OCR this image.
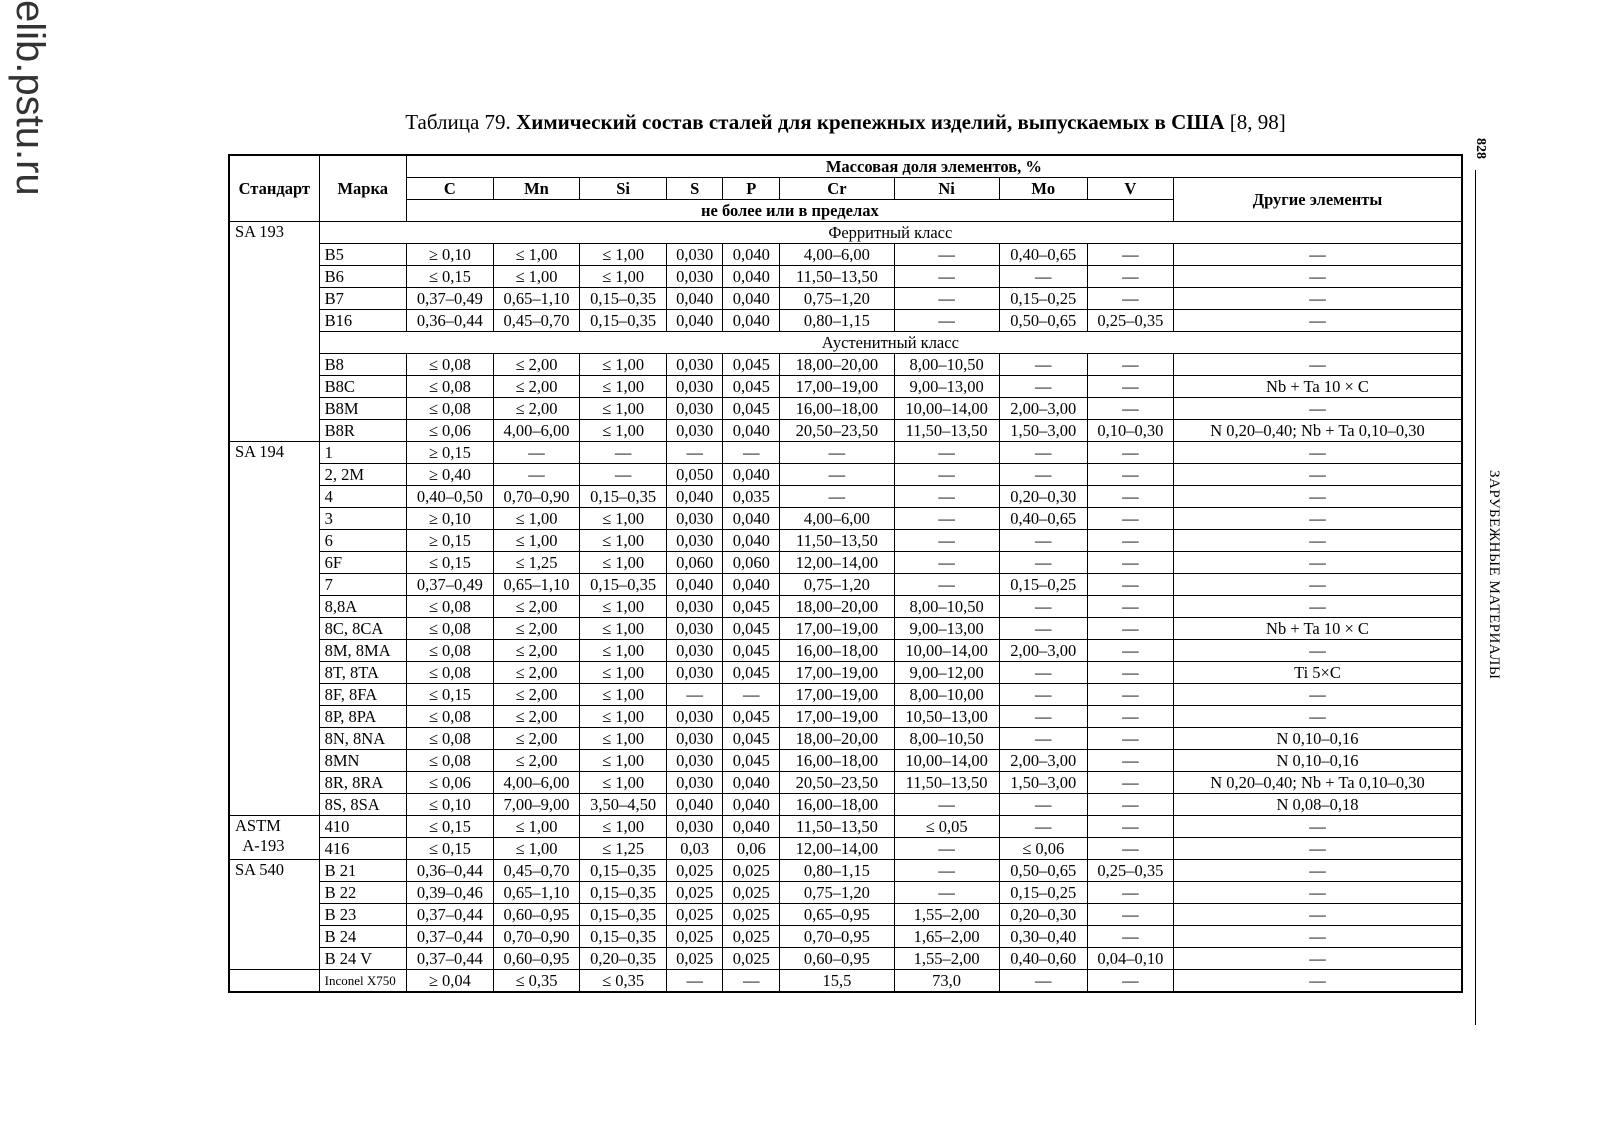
elib.pstu.ru	Таблица 79. Химический состав сталей для крепежных изделий, выпускаемых в США [8, 98]
828
ЗАРУБЕЖНЫЕ МАТЕРИАЛЫ
Стандарт	Марка	Массовая доля элементов, %									
		C	Mn	Si	S	P	Cr	Ni	Mo	V	Другие элементы
		не более или в пределах									
SA 193	Ферритный класс										
	B5	≥ 0,10	≤ 1,00	≤ 1,00	0,030	0,040	4,00–6,00	—	0,40–0,65	—	—
	B6	≤ 0,15	≤ 1,00	≤ 1,00	0,030	0,040	11,50–13,50	—	—	—	—
	B7	0,37–0,49	0,65–1,10	0,15–0,35	0,040	0,040	0,75–1,20	—	0,15–0,25	—	—
	B16	0,36–0,44	0,45–0,70	0,15–0,35	0,040	0,040	0,80–1,15	—	0,50–0,65	0,25–0,35	—
	Аустенитный класс										
	B8	≤ 0,08	≤ 2,00	≤ 1,00	0,030	0,045	18,00–20,00	8,00–10,50	—	—	—
	B8C	≤ 0,08	≤ 2,00	≤ 1,00	0,030	0,045	17,00–19,00	9,00–13,00	—	—	Nb + Ta 10 × C
	B8M	≤ 0,08	≤ 2,00	≤ 1,00	0,030	0,045	16,00–18,00	10,00–14,00	2,00–3,00	—	—
	B8R	≤ 0,06	4,00–6,00	≤ 1,00	0,030	0,040	20,50–23,50	11,50–13,50	1,50–3,00	0,10–0,30	N 0,20–0,40; Nb + Ta 0,10–0,30
SA 194	1	≥ 0,15	—	—	—	—	—	—	—	—	—
	2, 2M	≥ 0,40	—	—	0,050	0,040	—	—	—	—	—
	4	0,40–0,50	0,70–0,90	0,15–0,35	0,040	0,035	—	—	0,20–0,30	—	—
	3	≥ 0,10	≤ 1,00	≤ 1,00	0,030	0,040	4,00–6,00	—	0,40–0,65	—	—
	6	≥ 0,15	≤ 1,00	≤ 1,00	0,030	0,040	11,50–13,50	—	—	—	—
	6F	≤ 0,15	≤ 1,25	≤ 1,00	0,060	0,060	12,00–14,00	—	—	—	—
	7	0,37–0,49	0,65–1,10	0,15–0,35	0,040	0,040	0,75–1,20	—	0,15–0,25	—	—
	8,8A	≤ 0,08	≤ 2,00	≤ 1,00	0,030	0,045	18,00–20,00	8,00–10,50	—	—	—
	8C, 8CA	≤ 0,08	≤ 2,00	≤ 1,00	0,030	0,045	17,00–19,00	9,00–13,00	—	—	Nb + Ta 10 × C
	8M, 8MA	≤ 0,08	≤ 2,00	≤ 1,00	0,030	0,045	16,00–18,00	10,00–14,00	2,00–3,00	—	—
	8T, 8TA	≤ 0,08	≤ 2,00	≤ 1,00	0,030	0,045	17,00–19,00	9,00–12,00	—	—	Ti 5×C
	8F, 8FA	≤ 0,15	≤ 2,00	≤ 1,00	—	—	17,00–19,00	8,00–10,00	—	—	—
	8P, 8PA	≤ 0,08	≤ 2,00	≤ 1,00	0,030	0,045	17,00–19,00	10,50–13,00	—	—	—
	8N, 8NA	≤ 0,08	≤ 2,00	≤ 1,00	0,030	0,045	18,00–20,00	8,00–10,50	—	—	N 0,10–0,16
	8MN	≤ 0,08	≤ 2,00	≤ 1,00	0,030	0,045	16,00–18,00	10,00–14,00	2,00–3,00	—	N 0,10–0,16
	8R, 8RA	≤ 0,06	4,00–6,00	≤ 1,00	0,030	0,040	20,50–23,50	11,50–13,50	1,50–3,00	—	N 0,20–0,40; Nb + Ta 0,10–0,30
	8S, 8SA	≤ 0,10	7,00–9,00	3,50–4,50	0,040	0,040	16,00–18,00	—	—	—	N 0,08–0,18
ASTM
A-193	410	≤ 0,15	≤ 1,00	≤ 1,00	0,030	0,040	11,50–13,50	≤ 0,05	—	—	—
	416	≤ 0,15	≤ 1,00	≤ 1,25	0,03	0,06	12,00–14,00	—	≤ 0,06	—	—
SA 540	B 21	0,36–0,44	0,45–0,70	0,15–0,35	0,025	0,025	0,80–1,15	—	0,50–0,65	0,25–0,35	—
	B 22	0,39–0,46	0,65–1,10	0,15–0,35	0,025	0,025	0,75–1,20	—	0,15–0,25	—	—
	B 23	0,37–0,44	0,60–0,95	0,15–0,35	0,025	0,025	0,65–0,95	1,55–2,00	0,20–0,30	—	—
	B 24	0,37–0,44	0,70–0,90	0,15–0,35	0,025	0,025	0,70–0,95	1,65–2,00	0,30–0,40	—	—
	B 24 V	0,37–0,44	0,60–0,95	0,20–0,35	0,025	0,025	0,60–0,95	1,55–2,00	0,40–0,60	0,04–0,10	—
	Inconel X750	≥ 0,04	≤ 0,35	≤ 0,35	—	—	15,5	73,0	—	—	—
